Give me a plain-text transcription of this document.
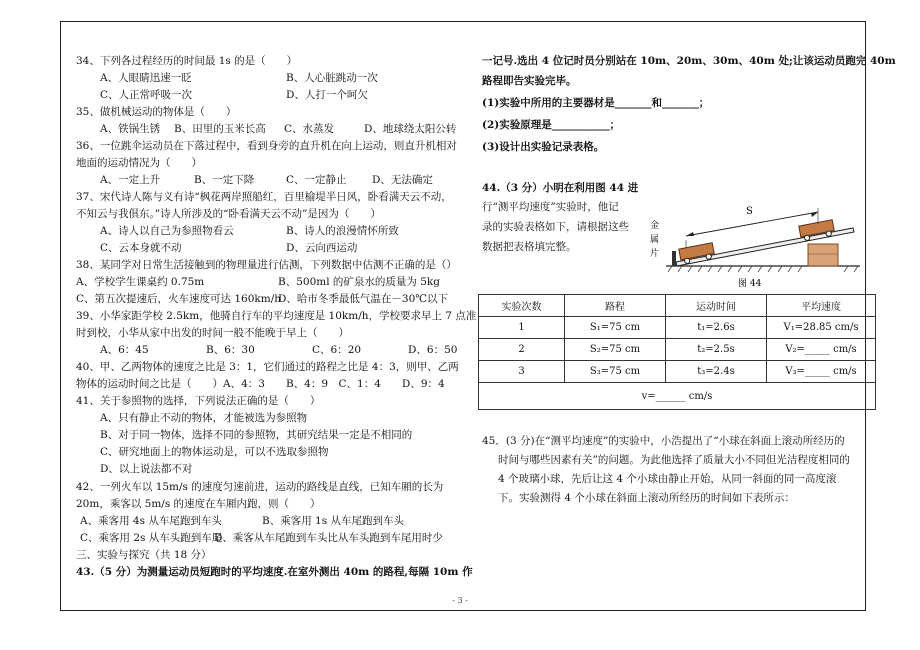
34、下列各过程经历的时间最 1s 的是（　　）
A、人眼睛迅速一眨	B、人心脏跳动一次
C、人正常呼吸一次	D、人打一个呵欠
35、做机械运动的物体是（　　）
A、铁锅生锈 B、田里的玉米长高 C、水蒸发	D、地球绕太阳公转
36、一位跳伞运动员在下落过程中，看到身旁的直升机在向上运动，则直升机相对
地面的运动情况为（　　）
A、一定上升	B、一定下降	C、一定静止 D、无法确定
37、宋代诗人陈与义有诗“枫花两岸照船红，百里榆堤半日风，卧看满天云不动，
不知云与我俱东。”诗人所涉及的“卧看满天云不动”是因为（　　）
A、诗人以自己为参照物看云	B、诗人的浪漫情怀所致
C、云本身就不动	D、云向西运动
38、某同学对日常生活接触到的物理量进行估测，下列数据中估测不正确的是（）
A、学校学生课桌约 0.75m	B、500ml 的矿泉水的质量为 5kg
C、第五次提速后，火车速度可达 160km/h
D、哈市冬季最低气温在－30℃以下
39、小华家距学校 2.5km，他骑自行车的平均速度是 10km/h，学校要求早上 7 点准
时到校，小华从家中出发的时间一般不能晚于早上（　　）
A、6：45	B、6：30	C、6：20	D、6：50
40、甲、乙两物体的速度之比是 3：1，它们通过的路程之比是 4：3，则甲、乙两
物体的运动时间之比是（　　）A、4：3　　B、4：9　C、1：4　　D、9：4
41、关于参照物的选择，下列说法正确的是（　　）
A、只有静止不动的物体，才能被选为参照物
B、对于同一物体，选择不同的参照物，其研究结果一定是不相同的
C、研究地面上的物体运动是，可以不选取参照物
D、以上说法都不对
42、一列火车以 15m/s 的速度匀速前进，运动的路线是直线，已知车厢的长为
20m，乘客以 5m/s 的速度在车厢内跑，则（　　）
A、乘客用 4s 从车尾跑到车头	B、乘客用 1s 从车尾跑到车头
C、乘客用 2s 从车头跑到车尾
D、乘客从车尾跑到车头比从车头跑到车尾用时少
三、实验与探究（共 18 分）
43.（5 分）为测量运动员短跑时的平均速度.在室外测出 40m 的路程,每隔 10m 作
一记号.选出 4 位记时员分别站在 10m、20m、30m、40m 处;让该运动员跑完 40m
路程即告实验完毕。
(1)实验中所用的主要器材是_______和_______；
(2)实验原理是___________；
(3)设计出实验记录表格。
44.（3 分）小明在利用图 44 进
行“测平均速度”实验时，他记
录的实验表格如下，请根据这些
数据把表格填完整。
S
金
属
片
图 44
实验次数	路程	运动时间	平均速度
1	S₁=75 cm	t₁=2.6s	V₁=28.85 cm/s
2	S₂=75 cm	t₂=2.5s	V₂=_____ cm/s
3	S₃=75 cm	t₃=2.4s	V₃=_____ cm/s
v=______ cm/s			
45．(3 分)在“测平均速度”的实验中，小浩提出了“小球在斜面上滚动所经历的
时间与哪些因素有关”的问题。为此他选择了质量大小不同但光洁程度相同的
4 个玻璃小球，先后让这 4 个小球由静止开始，从同一斜面的同一高度滚
下。实验测得 4 个小球在斜面上滚动所经历的时间如下表所示：
- 3 -
